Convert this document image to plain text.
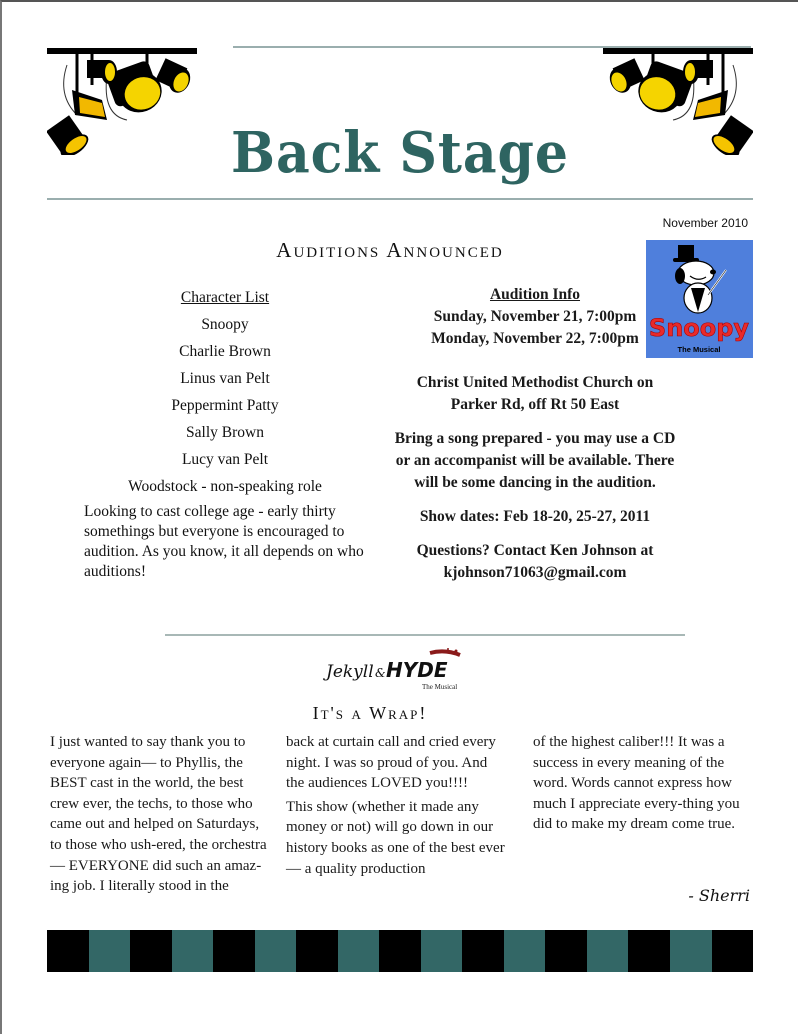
Back Stage
November 2010
Auditions Announced
Snoopy
The Musical
Character List
Snoopy
Charlie Brown
Linus van Pelt
Peppermint Patty
Sally Brown
Lucy van Pelt
Woodstock - non-speaking role

Looking to cast college age - early thirty somethings but everyone is encouraged to audition. As you know, it all depends on who auditions!

Audition Info
Sunday, November 21, 7:00pm
Monday, November 22, 7:00pm

Christ United Methodist Church on Parker Rd, off Rt 50 East

Bring a song prepared - you may use a CD or an accompanist will be available. There will be some dancing in the audition.

Show dates: Feb 18-20, 25-27, 2011

Questions? Contact Ken Johnson at

kjohnson71063@gmail.com

Jekyll & HYDE
The Musical
It's a Wrap!

I just wanted to say thank you to everyone again— to Phyllis, the BEST cast in the world, the best crew ever, the techs, to those who came out and helped on Saturdays, to those who ush-ered, the orchestra— EVERYONE did such an amaz-ing job. I literally stood in the

back at curtain call and cried every night. I was so proud of you. And the audiences LOVED you!!!!

This show (whether it made any money or not) will go down in our history books as one of the best ever— a quality production

of the highest caliber!!! It was a success in every meaning of the word. Words cannot express how much I appreciate every-thing you did to make my dream come true.

- Sherri
